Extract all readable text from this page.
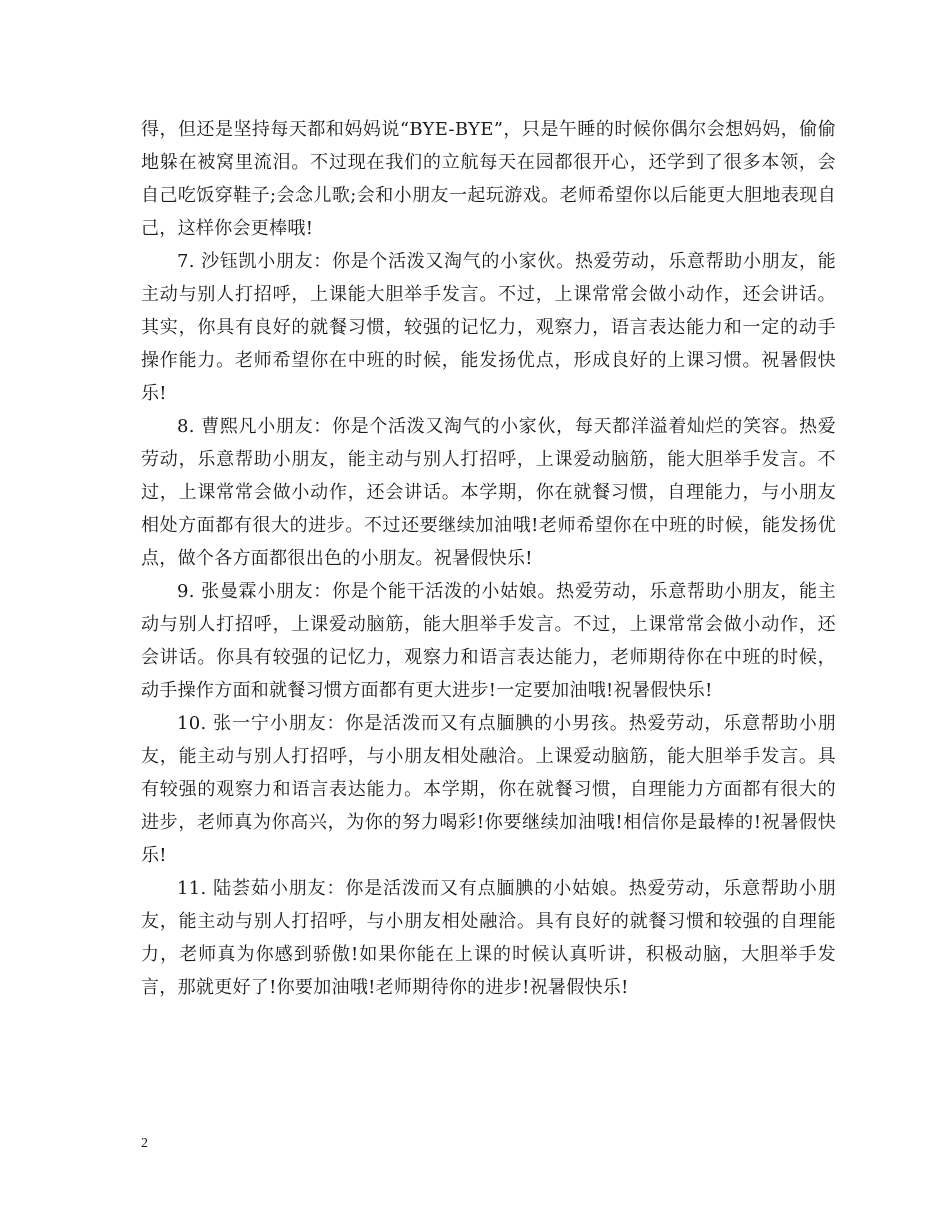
得，但还是坚持每天都和妈妈说“BYE-BYE”，只是午睡的时候你偶尔会想妈妈，偷偷地躲在被窝里流泪。不过现在我们的立航每天在园都很开心，还学到了很多本领，会自己吃饭穿鞋子;会念儿歌;会和小朋友一起玩游戏。老师希望你以后能更大胆地表现自己，这样你会更棒哦!

7. 沙钰凯小朋友：你是个活泼又淘气的小家伙。热爱劳动，乐意帮助小朋友，能主动与别人打招呼，上课能大胆举手发言。不过，上课常常会做小动作，还会讲话。其实，你具有良好的就餐习惯，较强的记忆力，观察力，语言表达能力和一定的动手操作能力。老师希望你在中班的时候，能发扬优点，形成良好的上课习惯。祝暑假快乐!

8. 曹熙凡小朋友：你是个活泼又淘气的小家伙，每天都洋溢着灿烂的笑容。热爱劳动，乐意帮助小朋友，能主动与别人打招呼，上课爱动脑筋，能大胆举手发言。不过，上课常常会做小动作，还会讲话。本学期，你在就餐习惯，自理能力，与小朋友相处方面都有很大的进步。不过还要继续加油哦!老师希望你在中班的时候，能发扬优点，做个各方面都很出色的小朋友。祝暑假快乐!

9. 张曼霖小朋友：你是个能干活泼的小姑娘。热爱劳动，乐意帮助小朋友，能主动与别人打招呼，上课爱动脑筋，能大胆举手发言。不过，上课常常会做小动作，还会讲话。你具有较强的记忆力，观察力和语言表达能力，老师期待你在中班的时候，动手操作方面和就餐习惯方面都有更大进步!一定要加油哦!祝暑假快乐!

10. 张一宁小朋友：你是活泼而又有点腼腆的小男孩。热爱劳动，乐意帮助小朋友，能主动与别人打招呼，与小朋友相处融洽。上课爱动脑筋，能大胆举手发言。具有较强的观察力和语言表达能力。本学期，你在就餐习惯，自理能力方面都有很大的进步，老师真为你高兴，为你的努力喝彩!你要继续加油哦!相信你是最棒的!祝暑假快乐!

11. 陆荟茹小朋友：你是活泼而又有点腼腆的小姑娘。热爱劳动，乐意帮助小朋友，能主动与别人打招呼，与小朋友相处融洽。具有良好的就餐习惯和较强的自理能力，老师真为你感到骄傲!如果你能在上课的时候认真听讲，积极动脑，大胆举手发言，那就更好了!你要加油哦!老师期待你的进步!祝暑假快乐!

2
